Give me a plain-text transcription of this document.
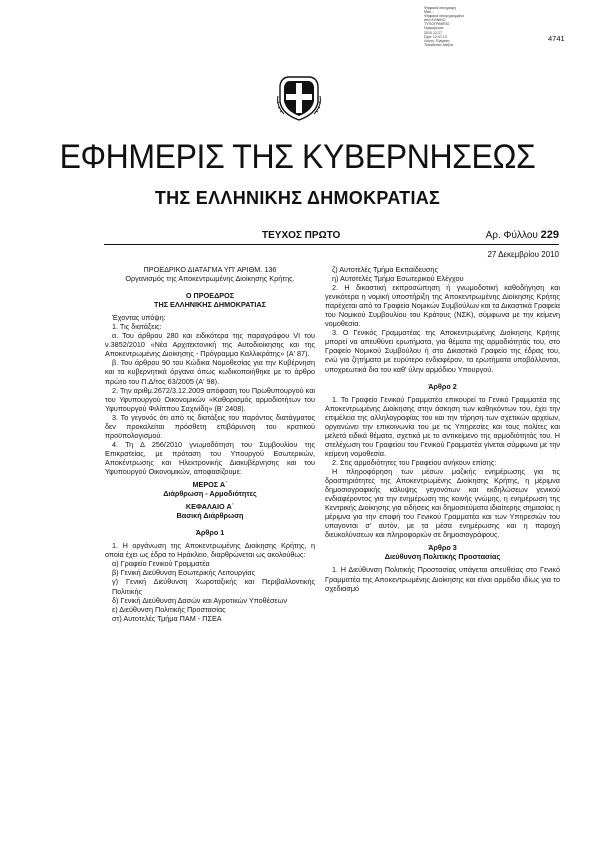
Ψηφιακά υπογραφή
Mari...
Ψηφιακά υπογεγραμμένο
από ΕΘΝΙΚΟ
ΤΥΠΟΓΡΑΦΕΙΟ
Ημερομηνία:
2010.12.27
Ώρα: 12:47:13
Λόγος: Έγκριση
Τοποθεσία: Αθήνα
4741
ΕΦΗΜΕΡΙΣ ΤΗΣ ΚΥΒΕΡΝΗΣΕΩΣ
ΤΗΣ ΕΛΛΗΝΙΚΗΣ ΔΗΜΟΚΡΑΤΙΑΣ
ΤΕΥΧΟΣ ΠΡΩΤΟ	Αρ. Φύλλου 229
27 Δεκεμβρίου 2010

ΠΡΟΕΔΡΙΚΟ ΔΙΑΤΑΓΜΑ ΥΠ' ΑΡΙΘΜ. 136

Οργανισμός της Αποκεντρωμένης Διοίκησης Κρήτης.

Ο ΠΡΟΕΔΡΟΣ

ΤΗΣ ΕΛΛΗΝΙΚΗΣ ΔΗΜΟΚΡΑΤΙΑΣ

Έχοντας υπόψη:

1. Τις διατάξεις:

α. Του άρθρου 280 και ειδικότερα της παραγράφου VI του ν.3852/2010 «Νέα Αρχιτεκτονική της Αυτοδιοίκησης και της Αποκεντρωμένης Διοίκησης - Πρόγραμμα Καλλικράτης» (Α' 87).

β. Του άρθρου 90 του Κώδικα Νομοθεσίας για την Κυβέρνηση και τα κυβερνητικά όργανα όπως κωδικοποιήθηκε με το άρθρο πρώτο του Π.Δ/τος 63/2005 (Α' 98).

2. Την αριθμ.2672/3.12.2009 απόφαση του Πρωθυπουργού και του Υφυπουργού Οικονομικών «Καθορισμός αρμοδιοτήτων του Υφυπουργού Φιλίππου Σαχινίδη» (Β' 2408).

3. Το γεγονός ότι από τις διατάξεις του παρόντος διατάγματος δεν προκαλείται πρόσθετη επιβάρυνση του κρατικού προϋπολογισμού.

4. Τη Δ 256/2010 γνωμοδότηση του Συμβουλίου της Επικρατείας, με πρόταση του Υπουργού Εσωτερικών, Αποκέντρωσης και Ηλεκτρονικής Διακυβέρνησης και του Υφυπουργού Οικονομικών, αποφασίζουμε:

ΜΕΡΟΣ Α΄

Διάρθρωση - Αρμοδιότητες

ΚΕΦΑΛΑΙΟ Α΄

Βασική Διάρθρωση

Άρθρο 1

1. Η οργάνωση της Αποκεντρωμένης Διοίκησης Κρήτης, η οποία έχει ως έδρα το Ηράκλειο, διαρθρώνεται ως ακολούθως:

α) Γραφείο Γενικού Γραμματέα

β) Γενική Διεύθυνση Εσωτερικής Λειτουργίας

γ) Γενική Διεύθυνση Χωροταξικής και Περιβαλλοντικής Πολιτικής

δ) Γενική Διεύθυνση Δασών και Αγροτικών Υποθέσεων

ε) Διεύθυνση Πολιτικής Προστασίας

στ) Αυτοτελές Τμήμα ΠΑΜ - ΠΣΕΑ

ζ) Αυτοτελές Τμήμα Εκπαίδευσης

η) Αυτοτελές Τμήμα Εσωτερικού Ελέγχου

2. Η δικαστική εκπροσώπηση ή γνωμοδοτική καθοδήγηση και γενικότερα η νομική υποστήριξη της Αποκεντρωμένης Διοίκησης Κρήτης παρέχεται από τα Γραφεία Νομικών Συμβούλων και τα Δικαστικά Γραφεία του Νομικού Συμβουλίου του Κράτους (ΝΣΚ), σύμφωνα με την κείμενη νομοθεσία.

3. Ο Γενικός Γραμματέας της Αποκεντρωμένης Διοίκησης Κρήτης μπορεί να απευθύνει ερωτήματα, για θέματα της αρμοδιότητάς του, στο Γραφείο Νομικού Συμβούλου ή στο Δικαστικό Γραφείο της έδρας του, ενώ για ζητήματα με ευρύτερο ενδιαφέρον, τα ερωτήματα υποβάλλονται, υποχρεωτικά δια του καθ' ύλην αρμόδιου Υπουργού.

Άρθρο 2

1. Το Γραφείο Γενικού Γραμματέα επικουρεί το Γενικό Γραμματέα της Αποκεντρωμένης Διοίκησης στην άσκηση των καθηκόντων του, έχει την επιμέλεια της αλληλογραφίας του και την τήρηση των σχετικών αρχείων, οργανώνει την επικοινωνία του με τις Υπηρεσίες και τους πολίτες και μελετά ειδικά θέματα, σχετικά με το αντικείμενο της αρμοδιότητάς του. Η στελέχωση του Γραφείου του Γενικού Γραμματέα γίνεται σύμφωνα με την κείμενη νομοθεσία.

2. Στις αρμοδιότητες του Γραφείου ανήκουν επίσης:

Η πληροφόρηση των μέσων μαζικής ενημέρωσης για τις δραστηριότητες της Αποκεντρωμένης Διοίκησης Κρήτης, η μέριμνα δημοσιογραφικής κάλυψης γεγονότων και εκδηλώσεων γενικού ενδιαφέροντος για την ενημέρωση της κοινής γνώμης, η ενημέρωση της Κεντρικής Διοίκησης για ειδήσεις και δημοσιεύματα ιδιαίτερης σημασίας η μέριμνα για την επαφή του Γενικού Γραμματέα και των Υπηρεσιών του υπαγονται σ' αυτόν, με τα μέσα ενημέρωσης και η παροχή διευκολύνσεων και πληροφοριών σε δημοσιογράφους.

Άρθρο 3

Διεύθυνση Πολιτικής Προστασίας

1. Η Διεύθυνση Πολιτικής Προστασίας υπάγεται απευθείας στο Γενικό Γραμματέα της Αποκεντρωμένης Διοίκησης και είναι αρμόδια ιδίως για το σχεδιασμό
